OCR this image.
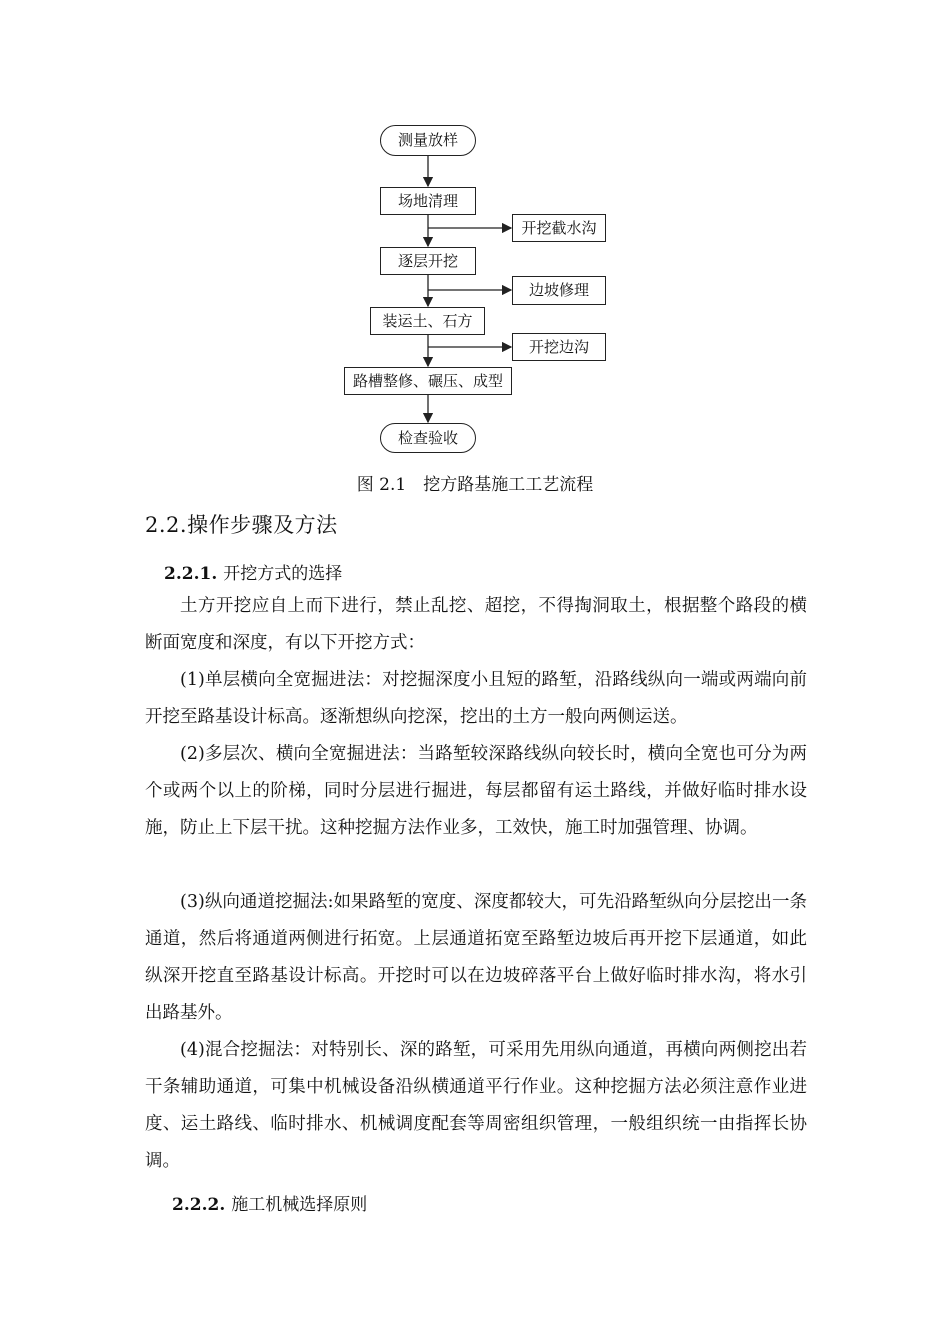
测量放样
场地清理
开挖截水沟
逐层开挖
边坡修理
装运土、石方
开挖边沟
路槽整修、碾压、成型
检查验收
图 2.1　挖方路基施工工艺流程
2.2.操作步骤及方法
2.2.1. 开挖方式的选择

土方开挖应自上而下进行，禁止乱挖、超挖，不得掏洞取土，根据整个路段的横断面宽度和深度，有以下开挖方式：

(1)单层横向全宽掘进法：对挖掘深度小且短的路堑，沿路线纵向一端或两端向前开挖至路基设计标高。逐渐想纵向挖深，挖出的土方一般向两侧运送。

(2)多层次、横向全宽掘进法：当路堑较深路线纵向较长时，横向全宽也可分为两个或两个以上的阶梯，同时分层进行掘进，每层都留有运土路线，并做好临时排水设施，防止上下层干扰。这种挖掘方法作业多，工效快，施工时加强管理、协调。

(3)纵向通道挖掘法:如果路堑的宽度、深度都较大，可先沿路堑纵向分层挖出一条通道，然后将通道两侧进行拓宽。上层通道拓宽至路堑边坡后再开挖下层通道，如此纵深开挖直至路基设计标高。开挖时可以在边坡碎落平台上做好临时排水沟，将水引出路基外。

(4)混合挖掘法：对特别长、深的路堑，可采用先用纵向通道，再横向两侧挖出若干条辅助通道，可集中机械设备沿纵横通道平行作业。这种挖掘方法必须注意作业进度、运土路线、临时排水、机械调度配套等周密组织管理，一般组织统一由指挥长协调。

2.2.2. 施工机械选择原则
